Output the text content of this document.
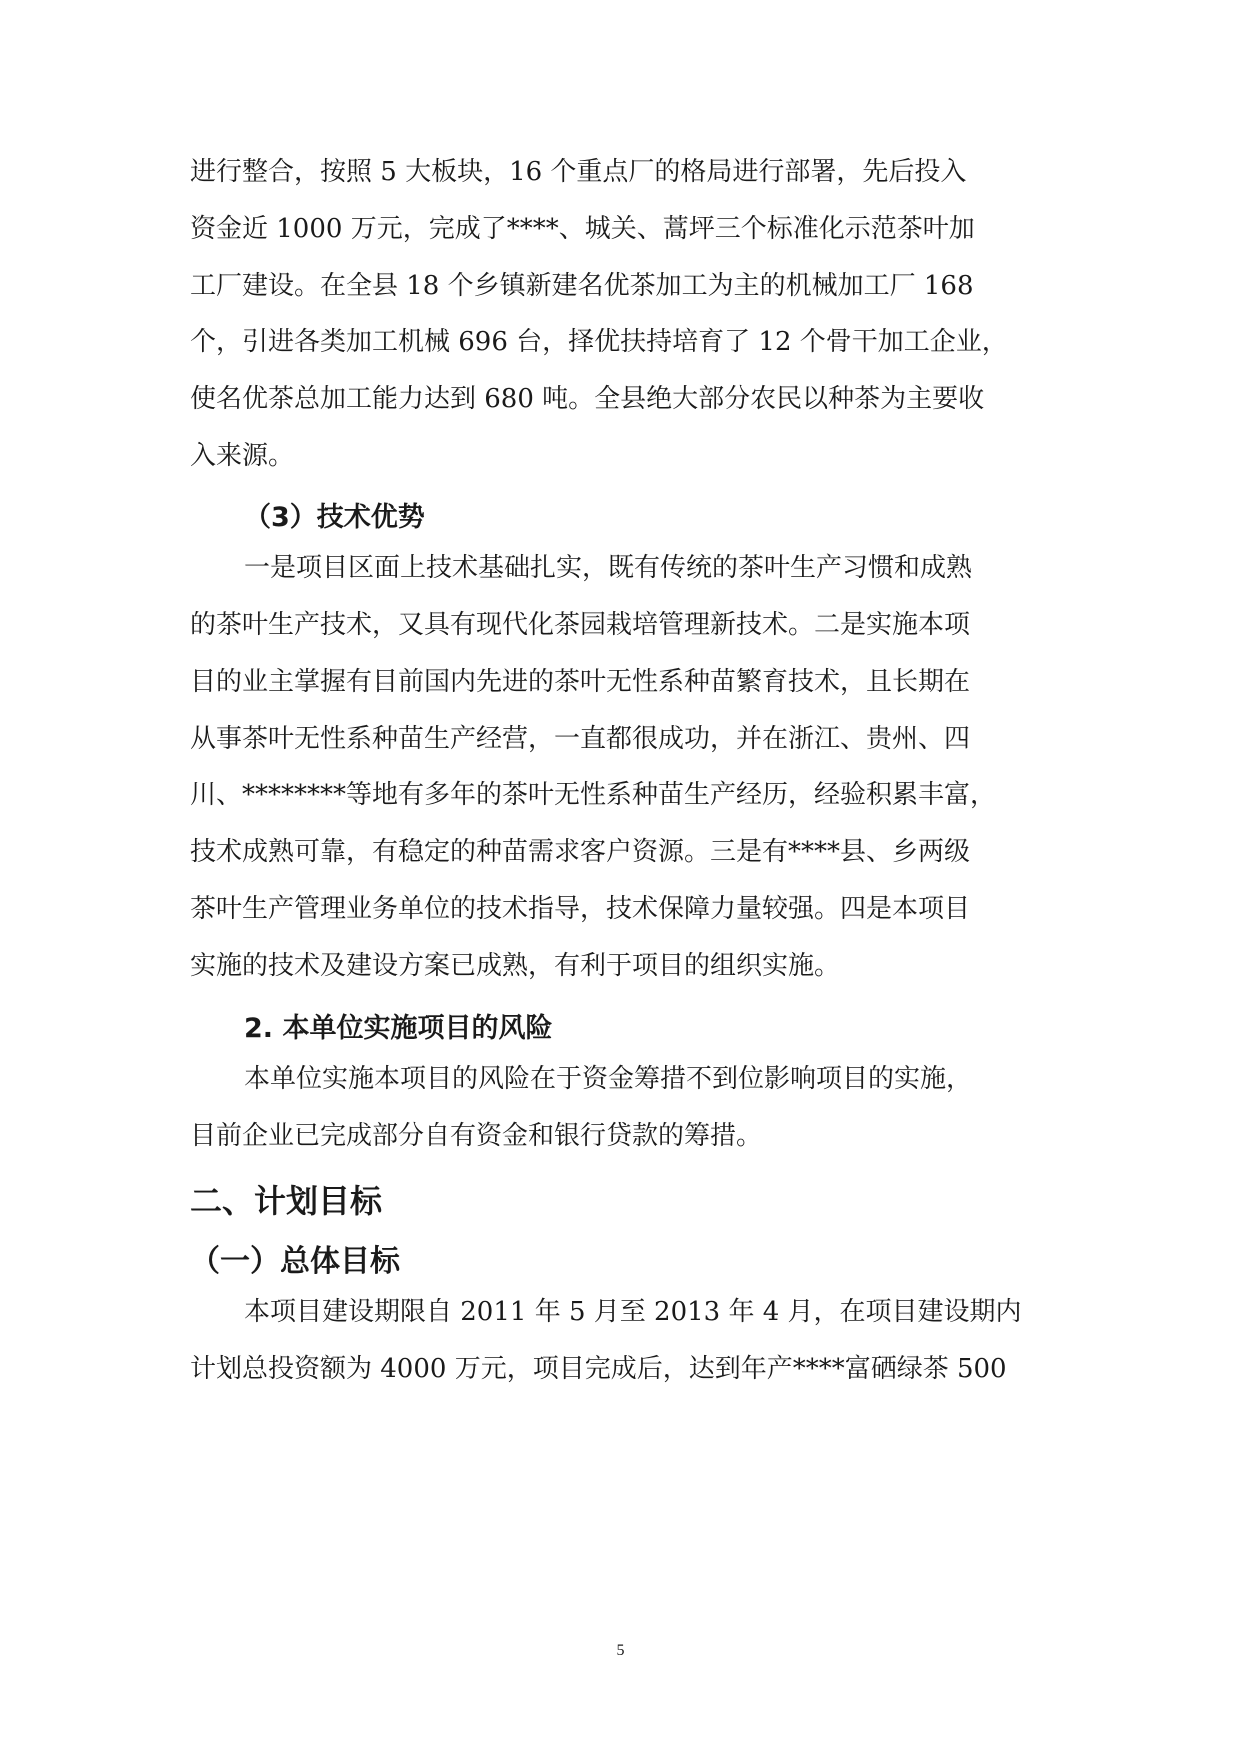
进行整合，按照 5 大板块，16 个重点厂的格局进行部署，先后投入
资金近 1000 万元，完成了****、城关、蒿坪三个标准化示范茶叶加
工厂建设。在全县 18 个乡镇新建名优茶加工为主的机械加工厂 168
个，引进各类加工机械 696 台，择优扶持培育了 12 个骨干加工企业，
使名优茶总加工能力达到 680 吨。全县绝大部分农民以种茶为主要收
入来源。
（3）技术优势
一是项目区面上技术基础扎实，既有传统的茶叶生产习惯和成熟
的茶叶生产技术，又具有现代化茶园栽培管理新技术。二是实施本项
目的业主掌握有目前国内先进的茶叶无性系种苗繁育技术，且长期在
从事茶叶无性系种苗生产经营，一直都很成功，并在浙江、贵州、四
川、********等地有多年的茶叶无性系种苗生产经历，经验积累丰富，
技术成熟可靠，有稳定的种苗需求客户资源。三是有****县、乡两级
茶叶生产管理业务单位的技术指导，技术保障力量较强。四是本项目
实施的技术及建设方案已成熟，有利于项目的组织实施。
2. 本单位实施项目的风险
本单位实施本项目的风险在于资金筹措不到位影响项目的实施，
目前企业已完成部分自有资金和银行贷款的筹措。
二、计划目标
（一）总体目标
本项目建设期限自 2011 年 5 月至 2013 年 4 月，在项目建设期内
计划总投资额为 4000 万元，项目完成后，达到年产****富硒绿茶 500
5
